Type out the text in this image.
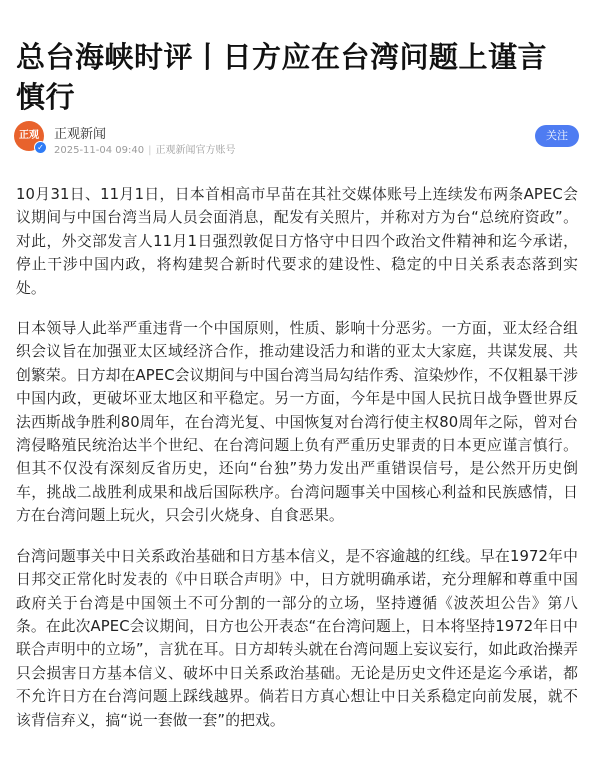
总台海峡时评丨日方应在台湾问题上谨言慎行
正观
✓
正观新闻
2025-11-04 09:40 | 正观新闻官方账号
关注

10月31日、11月1日，日本首相高市早苗在其社交媒体账号上连续发布两条APEC会议期间与中国台湾当局人员会面消息，配发有关照片，并称对方为台“总统府资政”。对此，外交部发言人11月1日强烈敦促日方恪守中日四个政治文件精神和迄今承诺，停止干涉中国内政，将构建契合新时代要求的建设性、稳定的中日关系表态落到实处。

日本领导人此举严重违背一个中国原则，性质、影响十分恶劣。一方面，亚太经合组织会议旨在加强亚太区域经济合作，推动建设活力和谐的亚太大家庭，共谋发展、共创繁荣。日方却在APEC会议期间与中国台湾当局勾结作秀、渲染炒作，不仅粗暴干涉中国内政，更破坏亚太地区和平稳定。另一方面，今年是中国人民抗日战争暨世界反法西斯战争胜利80周年，在台湾光复、中国恢复对台湾行使主权80周年之际，曾对台湾侵略殖民统治达半个世纪、在台湾问题上负有严重历史罪责的日本更应谨言慎行。但其不仅没有深刻反省历史，还向“台独”势力发出严重错误信号，是公然开历史倒车，挑战二战胜利成果和战后国际秩序。台湾问题事关中国核心利益和民族感情，日方在台湾问题上玩火，只会引火烧身、自食恶果。

台湾问题事关中日关系政治基础和日方基本信义，是不容逾越的红线。早在1972年中日邦交正常化时发表的《中日联合声明》中，日方就明确承诺，充分理解和尊重中国政府关于台湾是中国领土不可分割的一部分的立场，坚持遵循《波茨坦公告》第八条。在此次APEC会议期间，日方也公开表态“在台湾问题上，日本将坚持1972年日中联合声明中的立场”，言犹在耳。日方却转头就在台湾问题上妄议妄行，如此政治操弄只会损害日方基本信义、破坏中日关系政治基础。无论是历史文件还是迄今承诺，都不允许日方在台湾问题上踩线越界。倘若日方真心想让中日关系稳定向前发展，就不该背信弃义，搞“说一套做一套”的把戏。
